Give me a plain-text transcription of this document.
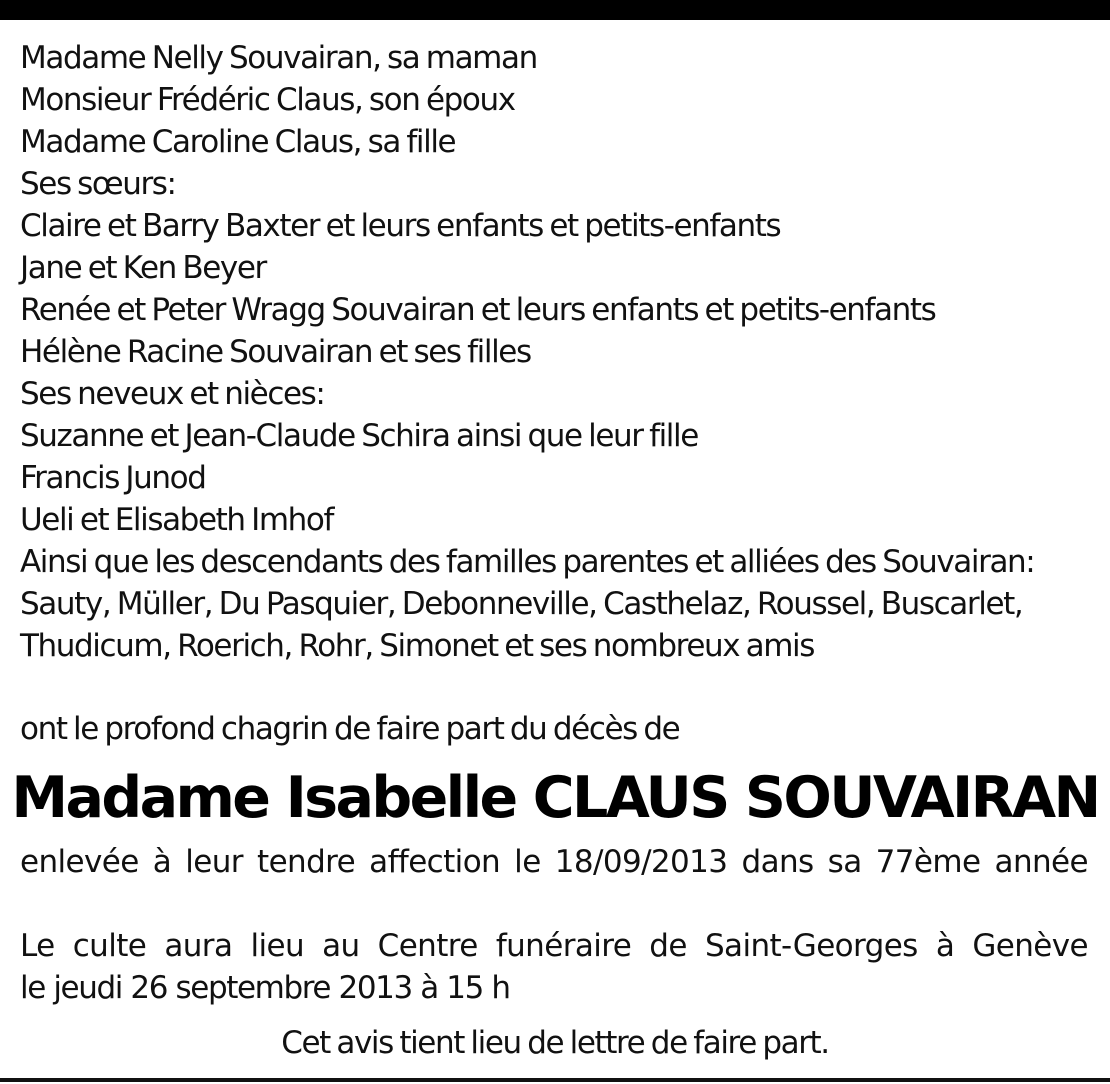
Madame Nelly Souvairan, sa maman
Monsieur Frédéric Claus, son époux
Madame Caroline Claus, sa fille
Ses sœurs:
Claire et Barry Baxter et leurs enfants et petits-enfants
Jane et Ken Beyer
Renée et Peter Wragg Souvairan et leurs enfants et petits-enfants
Hélène Racine Souvairan et ses filles
Ses neveux et nièces:
Suzanne et Jean-Claude Schira ainsi que leur fille
Francis Junod
Ueli et Elisabeth Imhof
Ainsi que les descendants des familles parentes et alliées des Souvairan:
Sauty, Müller, Du Pasquier, Debonneville, Casthelaz, Roussel, Buscarlet,
Thudicum, Roerich, Rohr, Simonet et ses nombreux amis
ont le profond chagrin de faire part du décès de
Madame Isabelle CLAUS SOUVAIRAN
enlevée à leur tendre affection le 18/09/2013 dans sa 77ème année
Le culte aura lieu au Centre funéraire de Saint-Georges à Genève
le jeudi 26 septembre 2013 à 15 h
Cet avis tient lieu de lettre de faire part.
